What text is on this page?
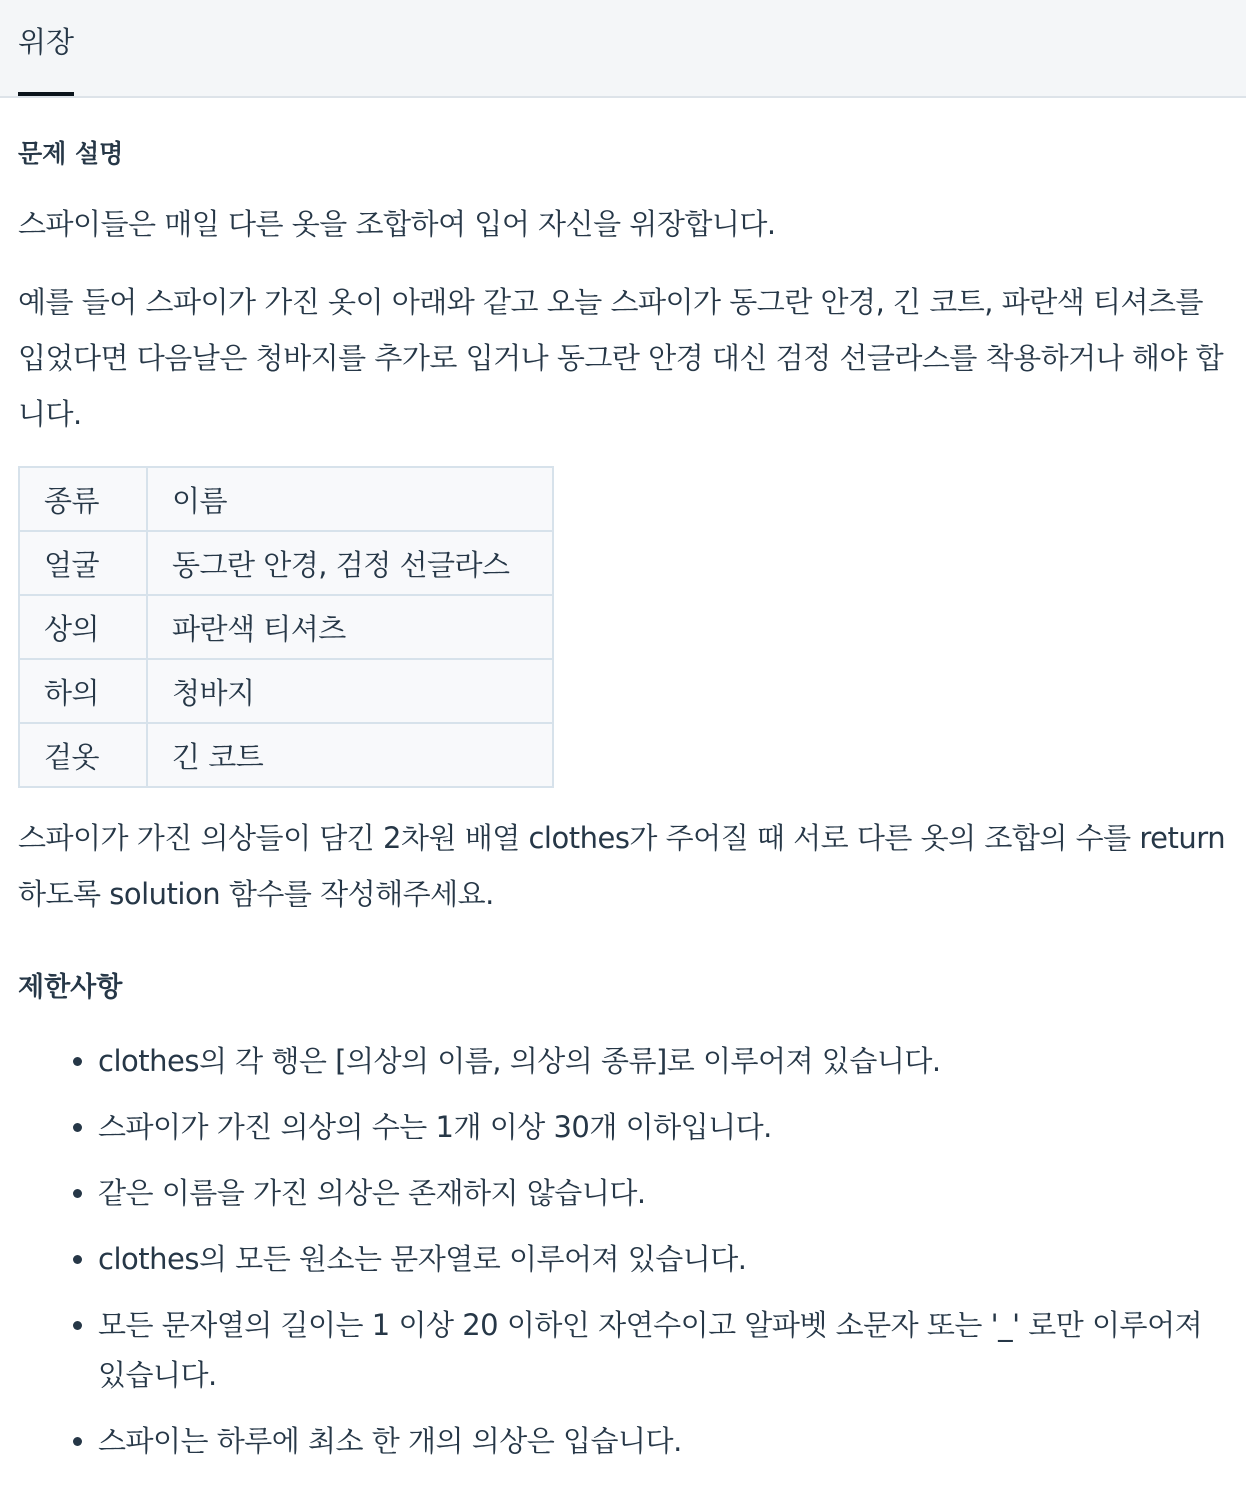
위장
문제 설명

스파이들은 매일 다른 옷을 조합하여 입어 자신을 위장합니다.

예를 들어 스파이가 가진 옷이 아래와 같고 오늘 스파이가 동그란 안경, 긴 코트, 파란색 티셔츠를 입었다면 다음날은 청바지를 추가로 입거나 동그란 안경 대신 검정 선글라스를 착용하거나 해야 합니다.

종류	이름
얼굴	동그란 안경, 검정 선글라스
상의	파란색 티셔츠
하의	청바지
겉옷	긴 코트

스파이가 가진 의상들이 담긴 2차원 배열 clothes가 주어질 때 서로 다른 옷의 조합의 수를 return 하도록 solution 함수를 작성해주세요.

제한사항
• clothes의 각 행은 [의상의 이름, 의상의 종류]로 이루어져 있습니다.
• 스파이가 가진 의상의 수는 1개 이상 30개 이하입니다.
• 같은 이름을 가진 의상은 존재하지 않습니다.
• clothes의 모든 원소는 문자열로 이루어져 있습니다.
• 모든 문자열의 길이는 1 이상 20 이하인 자연수이고 알파벳 소문자 또는 '_' 로만 이루어져 있습니다.
• 스파이는 하루에 최소 한 개의 의상은 입습니다.
